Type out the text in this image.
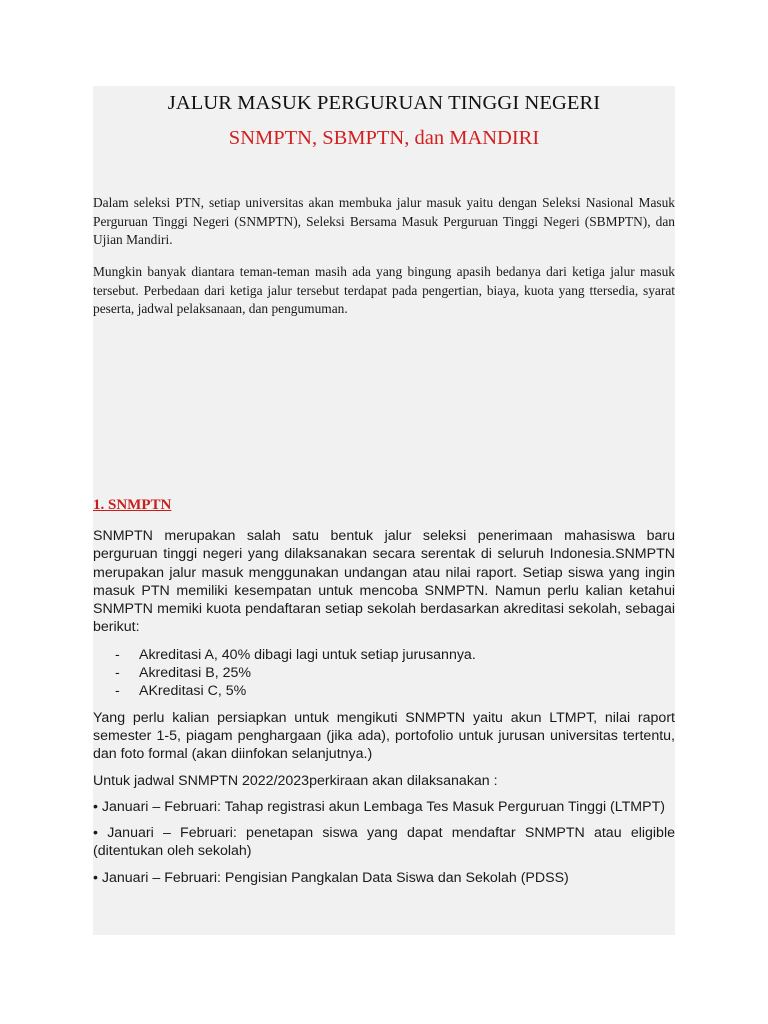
JALUR MASUK PERGURUAN TINGGI NEGERI
SNMPTN, SBMPTN, dan MANDIRI

Dalam seleksi PTN, setiap universitas akan membuka jalur masuk yaitu dengan Seleksi Nasional Masuk Perguruan Tinggi Negeri (SNMPTN), Seleksi Bersama Masuk Perguruan Tinggi Negeri (SBMPTN), dan Ujian Mandiri.

Mungkin banyak diantara teman-teman masih ada yang bingung apasih bedanya dari ketiga jalur masuk tersebut. Perbedaan dari ketiga jalur tersebut terdapat pada pengertian, biaya, kuota yang ttersedia, syarat peserta, jadwal pelaksanaan, dan pengumuman.

1. SNMPTN

SNMPTN merupakan salah satu bentuk jalur seleksi penerimaan mahasiswa baru perguruan tinggi negeri yang dilaksanakan secara serentak di seluruh Indonesia.SNMPTN merupakan jalur masuk menggunakan undangan atau nilai raport. Setiap siswa yang ingin masuk PTN memiliki kesempatan untuk mencoba SNMPTN. Namun perlu kalian ketahui SNMPTN memiki kuota pendaftaran setiap sekolah berdasarkan akreditasi sekolah, sebagai berikut:

- Akreditasi A, 40% dibagi lagi untuk setiap jurusannya.
- Akreditasi B, 25%
- AKreditasi C, 5%

Yang perlu kalian persiapkan untuk mengikuti SNMPTN yaitu akun LTMPT, nilai raport semester 1-5, piagam penghargaan (jika ada), portofolio untuk jurusan universitas tertentu, dan foto formal (akan diinfokan selanjutnya.)

Untuk jadwal SNMPTN 2022/2023perkiraan akan dilaksanakan :

• Januari – Februari: Tahap registrasi akun Lembaga Tes Masuk Perguruan Tinggi (LTMPT)

• Januari – Februari: penetapan siswa yang dapat mendaftar SNMPTN atau eligible (ditentukan oleh sekolah)

• Januari – Februari: Pengisian Pangkalan Data Siswa dan Sekolah (PDSS)
